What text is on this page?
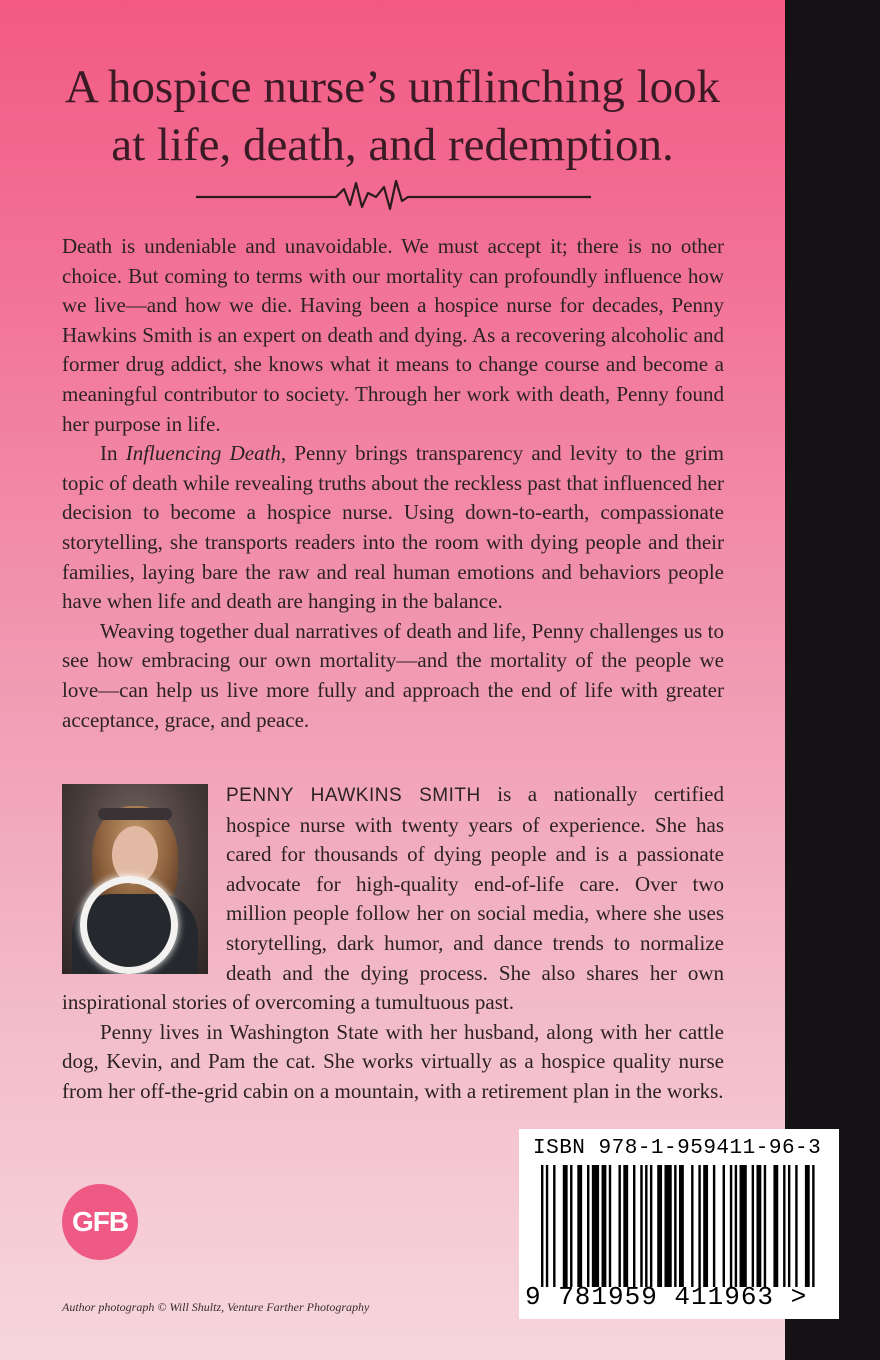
A hospice nurse’s unflinching look
at life, death, and redemption.

Death is undeniable and unavoidable. We must accept it; there is no other choice. But coming to terms with our mortality can profoundly influence how we live—and how we die. Having been a hospice nurse for decades, Penny Hawkins Smith is an expert on death and dying. As a recovering alcoholic and former drug addict, she knows what it means to change course and become a meaningful contributor to society. Through her work with death, Penny found her purpose in life.

In Influencing Death, Penny brings transparency and levity to the grim topic of death while revealing truths about the reckless past that influenced her decision to become a hospice nurse. Using down-to-earth, compassionate storytelling, she transports readers into the room with dying people and their families, laying bare the raw and real human emotions and behaviors people have when life and death are hanging in the balance.

Weaving together dual narratives of death and life, Penny challenges us to see how embracing our own mortality—and the mortality of the people we love—can help us live more fully and approach the end of life with greater acceptance, grace, and peace.

PENNY HAWKINS SMITH is a nationally certified hospice nurse with twenty years of experience. She has cared for thousands of dying people and is a passionate advocate for high-quality end-of-life care. Over two million people follow her on social media, where she uses storytelling, dark humor, and dance trends to normalize death and the dying process. She also shares her own inspirational stories of overcoming a tumultuous past.

Penny lives in Washington State with her husband, along with her cattle dog, Kevin, and Pam the cat. She works virtually as a hospice quality nurse from her off-the-grid cabin on a mountain, with a retirement plan in the works.

GFB
Author photograph © Will Shultz, Venture Farther Photography
ISBN 978-1-959411-96-3
9 781959 411963 >
